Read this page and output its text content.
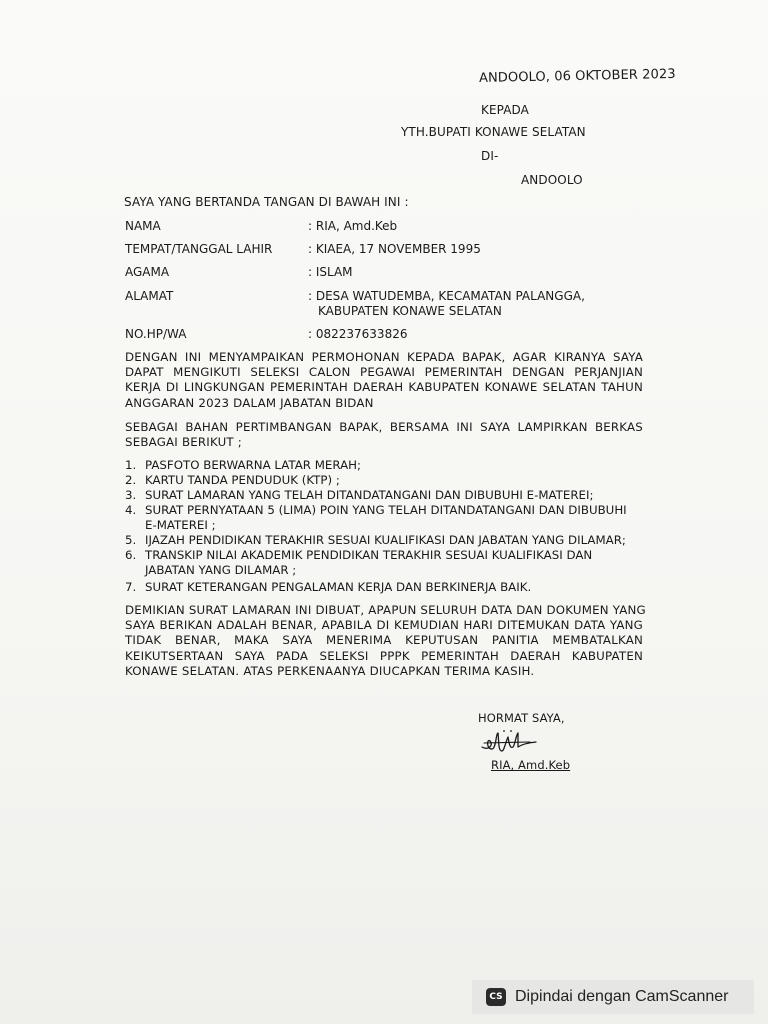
ANDOOLO, 06 OKTOBER 2023
KEPADA
YTH.BUPATI KONAWE SELATAN
DI-
ANDOOLO
SAYA YANG BERTANDA TANGAN DI BAWAH INI :
NAMA	: RIA, Amd.Keb
TEMPAT/TANGGAL LAHIR	: KIAEA, 17 NOVEMBER 1995
AGAMA	: ISLAM
ALAMAT	: DESA WATUDEMBA, KECAMATAN PALANGGA,
KABUPATEN KONAWE SELATAN
NO.HP/WA	: 082237633826
DENGAN INI MENYAMPAIKAN PERMOHONAN KEPADA BAPAK, AGAR KIRANYA SAYA
DAPAT MENGIKUTI SELEKSI CALON PEGAWAI PEMERINTAH DENGAN PERJANJIAN
KERJA DI LINGKUNGAN PEMERINTAH DAERAH KABUPATEN KONAWE SELATAN TAHUN
ANGGARAN 2023 DALAM JABATAN BIDAN
SEBAGAI BAHAN PERTIMBANGAN BAPAK, BERSAMA INI SAYA LAMPIRKAN BERKAS
SEBAGAI BERIKUT ;
1. PASFOTO BERWARNA LATAR MERAH;
2. KARTU TANDA PENDUDUK (KTP) ;
3. SURAT LAMARAN YANG TELAH DITANDATANGANI DAN DIBUBUHI E-MATEREI;
4. SURAT PERNYATAAN 5 (LIMA) POIN YANG TELAH DITANDATANGANI DAN DIBUBUHI
E-MATEREI ;
5. IJAZAH PENDIDIKAN TERAKHIR SESUAI KUALIFIKASI DAN JABATAN YANG DILAMAR;
6. TRANSKIP NILAI AKADEMIK PENDIDIKAN TERAKHIR SESUAI KUALIFIKASI DAN
JABATAN YANG DILAMAR ;
7. SURAT KETERANGAN PENGALAMAN KERJA DAN BERKINERJA BAIK.
DEMIKIAN SURAT LAMARAN INI DIBUAT, APAPUN SELURUH DATA DAN DOKUMEN YANG
SAYA BERIKAN ADALAH BENAR, APABILA DI KEMUDIAN HARI DITEMUKAN DATA YANG
TIDAK BENAR, MAKA SAYA MENERIMA KEPUTUSAN PANITIA MEMBATALKAN
KEIKUTSERTAAN SAYA PADA SELEKSI PPPK PEMERINTAH DAERAH KABUPATEN
KONAWE SELATAN. ATAS PERKENAANYA DIUCAPKAN TERIMA KASIH.
HORMAT SAYA,
RIA, Amd.Keb
CS Dipindai dengan CamScanner
